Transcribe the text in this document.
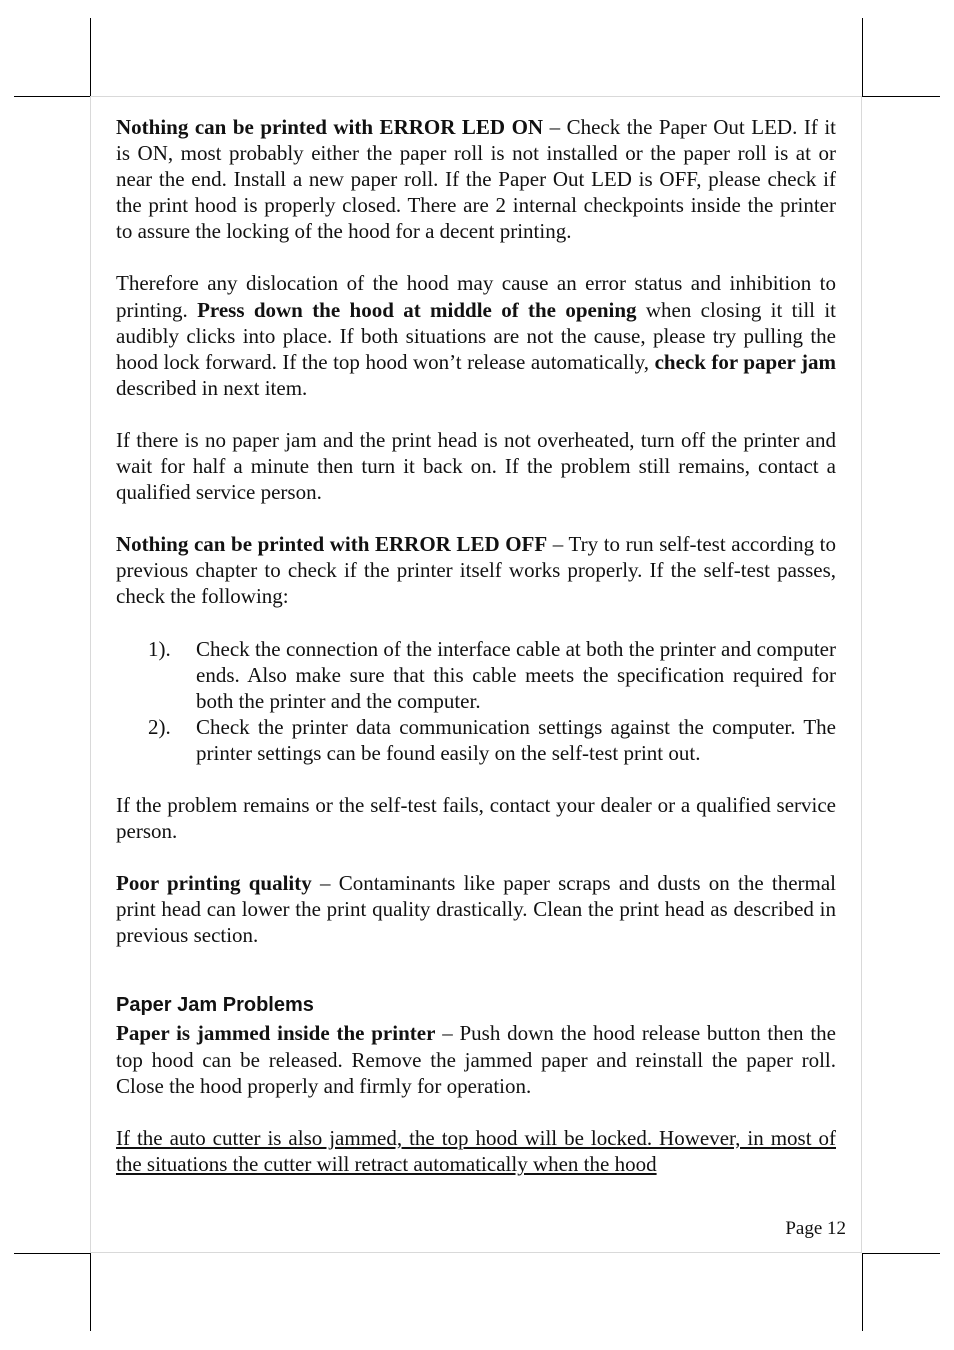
Nothing can be printed with ERROR LED ON – Check the Paper Out LED. If it is ON, most probably either the paper roll is not installed or the paper roll is at or near the end. Install a new paper roll. If the Paper Out LED is OFF, please check if the print hood is properly closed. There are 2 internal checkpoints inside the printer to assure the locking of the hood for a decent printing.

Therefore any dislocation of the hood may cause an error status and inhibition to printing. Press down the hood at middle of the opening when closing it till it audibly clicks into place. If both situations are not the cause, please try pulling the hood lock forward. If the top hood won’t release automatically, check for paper jam described in next item.

If there is no paper jam and the print head is not overheated, turn off the printer and wait for half a minute then turn it back on. If the problem still remains, contact a qualified service person.

Nothing can be printed with ERROR LED OFF – Try to run self-test according to previous chapter to check if the printer itself works properly. If the self-test passes, check the following:

1).	Check the connection of the interface cable at both the printer and computer ends. Also make sure that this cable meets the specification required for both the printer and the computer.
2).	Check the printer data communication settings against the computer. The printer settings can be found easily on the self-test print out.

If the problem remains or the self-test fails, contact your dealer or a qualified service person.

Poor printing quality – Contaminants like paper scraps and dusts on the thermal print head can lower the print quality drastically. Clean the print head as described in previous section.

Paper Jam Problems

Paper is jammed inside the printer – Push down the hood release button then the top hood can be released. Remove the jammed paper and reinstall the paper roll. Close the hood properly and firmly for operation.

If the auto cutter is also jammed, the top hood will be locked. However, in most of the situations the cutter will retract automatically when the hood

Page 12
